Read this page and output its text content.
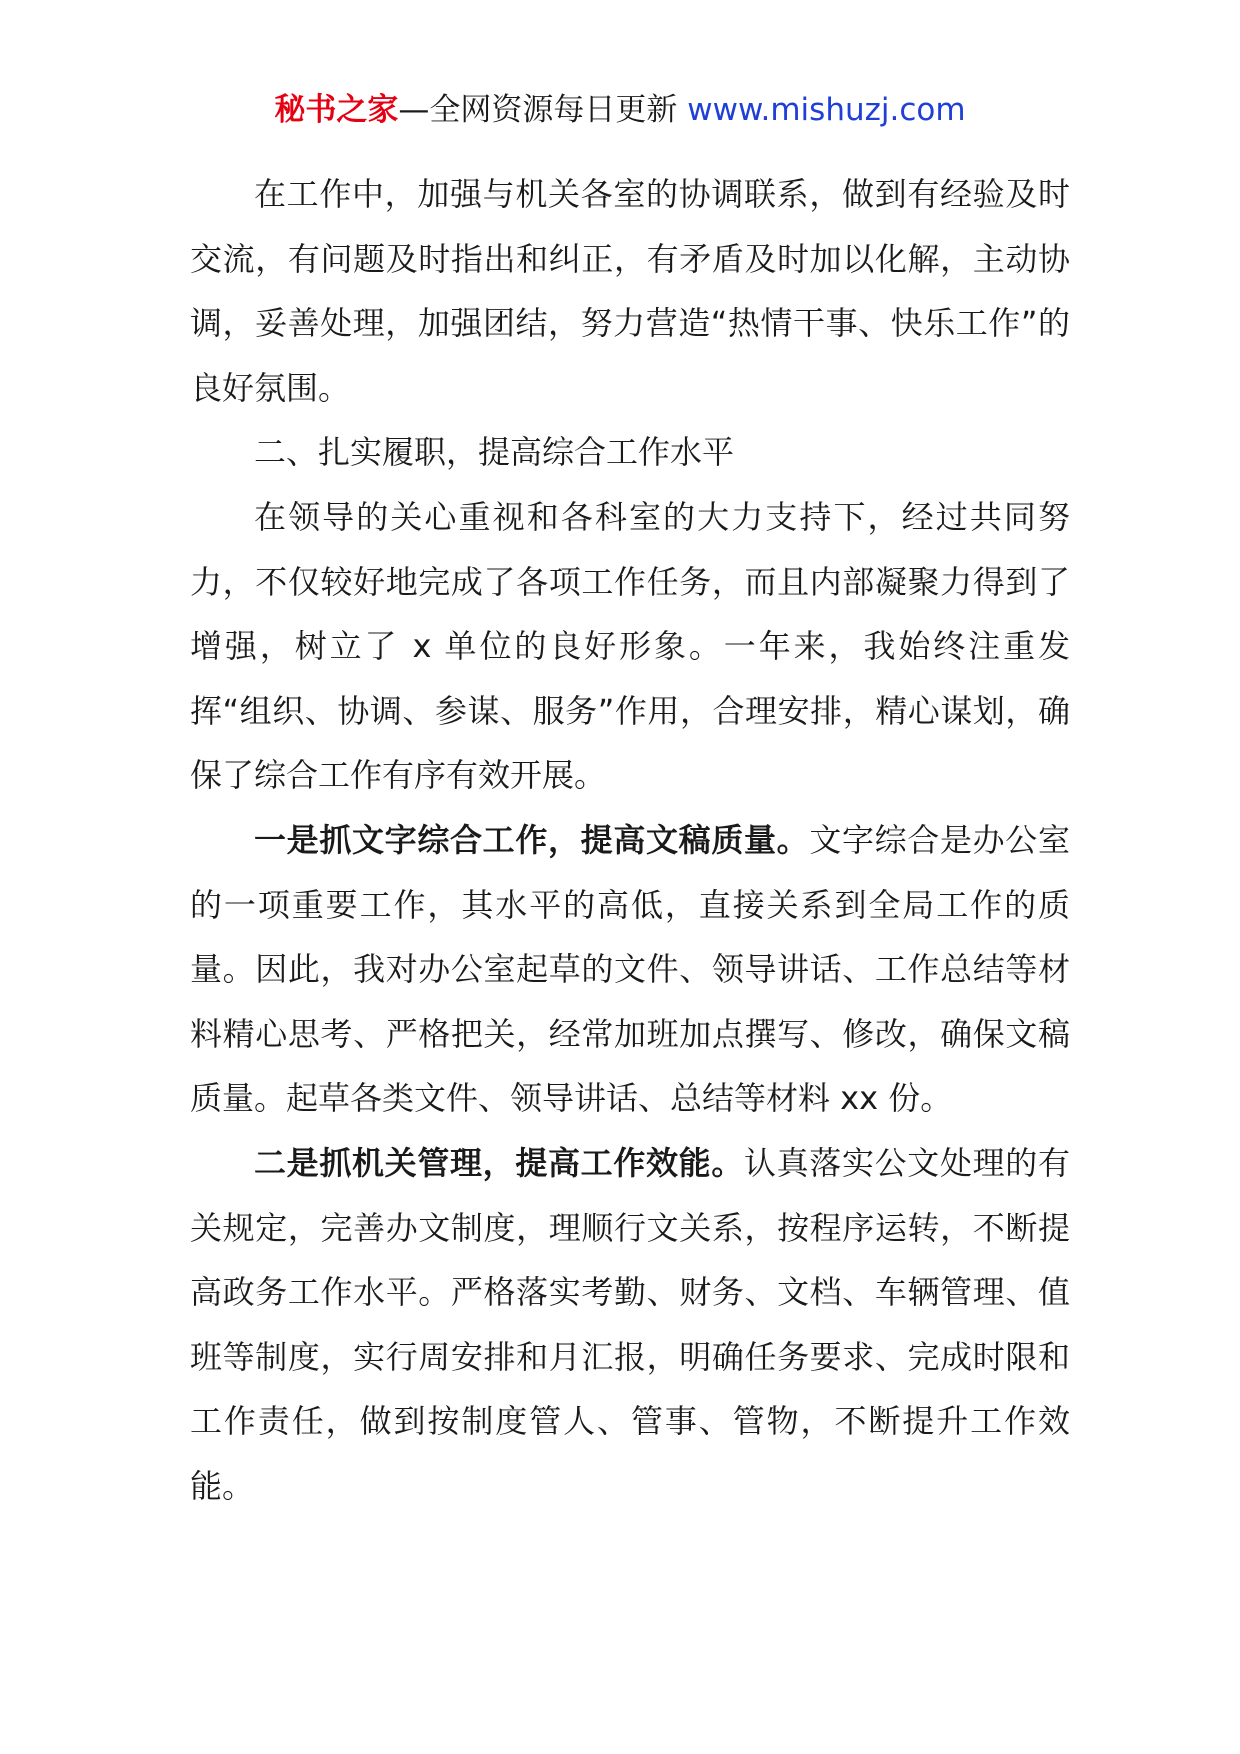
秘书之家—全网资源每日更新 www.mishuzj.com

在工作中，加强与机关各室的协调联系，做到有经验及时交流，有问题及时指出和纠正，有矛盾及时加以化解，主动协调，妥善处理，加强团结，努力营造“热情干事、快乐工作”的良好氛围。

二、扎实履职，提高综合工作水平

在领导的关心重视和各科室的大力支持下，经过共同努力，不仅较好地完成了各项工作任务，而且内部凝聚力得到了增强，树立了 x 单位的良好形象。一年来，我始终注重发挥“组织、协调、参谋、服务”作用，合理安排，精心谋划，确保了综合工作有序有效开展。

一是抓文字综合工作，提高文稿质量。文字综合是办公室的一项重要工作，其水平的高低，直接关系到全局工作的质量。因此，我对办公室起草的文件、领导讲话、工作总结等材料精心思考、严格把关，经常加班加点撰写、修改，确保文稿质量。起草各类文件、领导讲话、总结等材料 xx 份。

二是抓机关管理，提高工作效能。认真落实公文处理的有关规定，完善办文制度，理顺行文关系，按程序运转，不断提高政务工作水平。严格落实考勤、财务、文档、车辆管理、值班等制度，实行周安排和月汇报，明确任务要求、完成时限和工作责任，做到按制度管人、管事、管物，不断提升工作效能。
